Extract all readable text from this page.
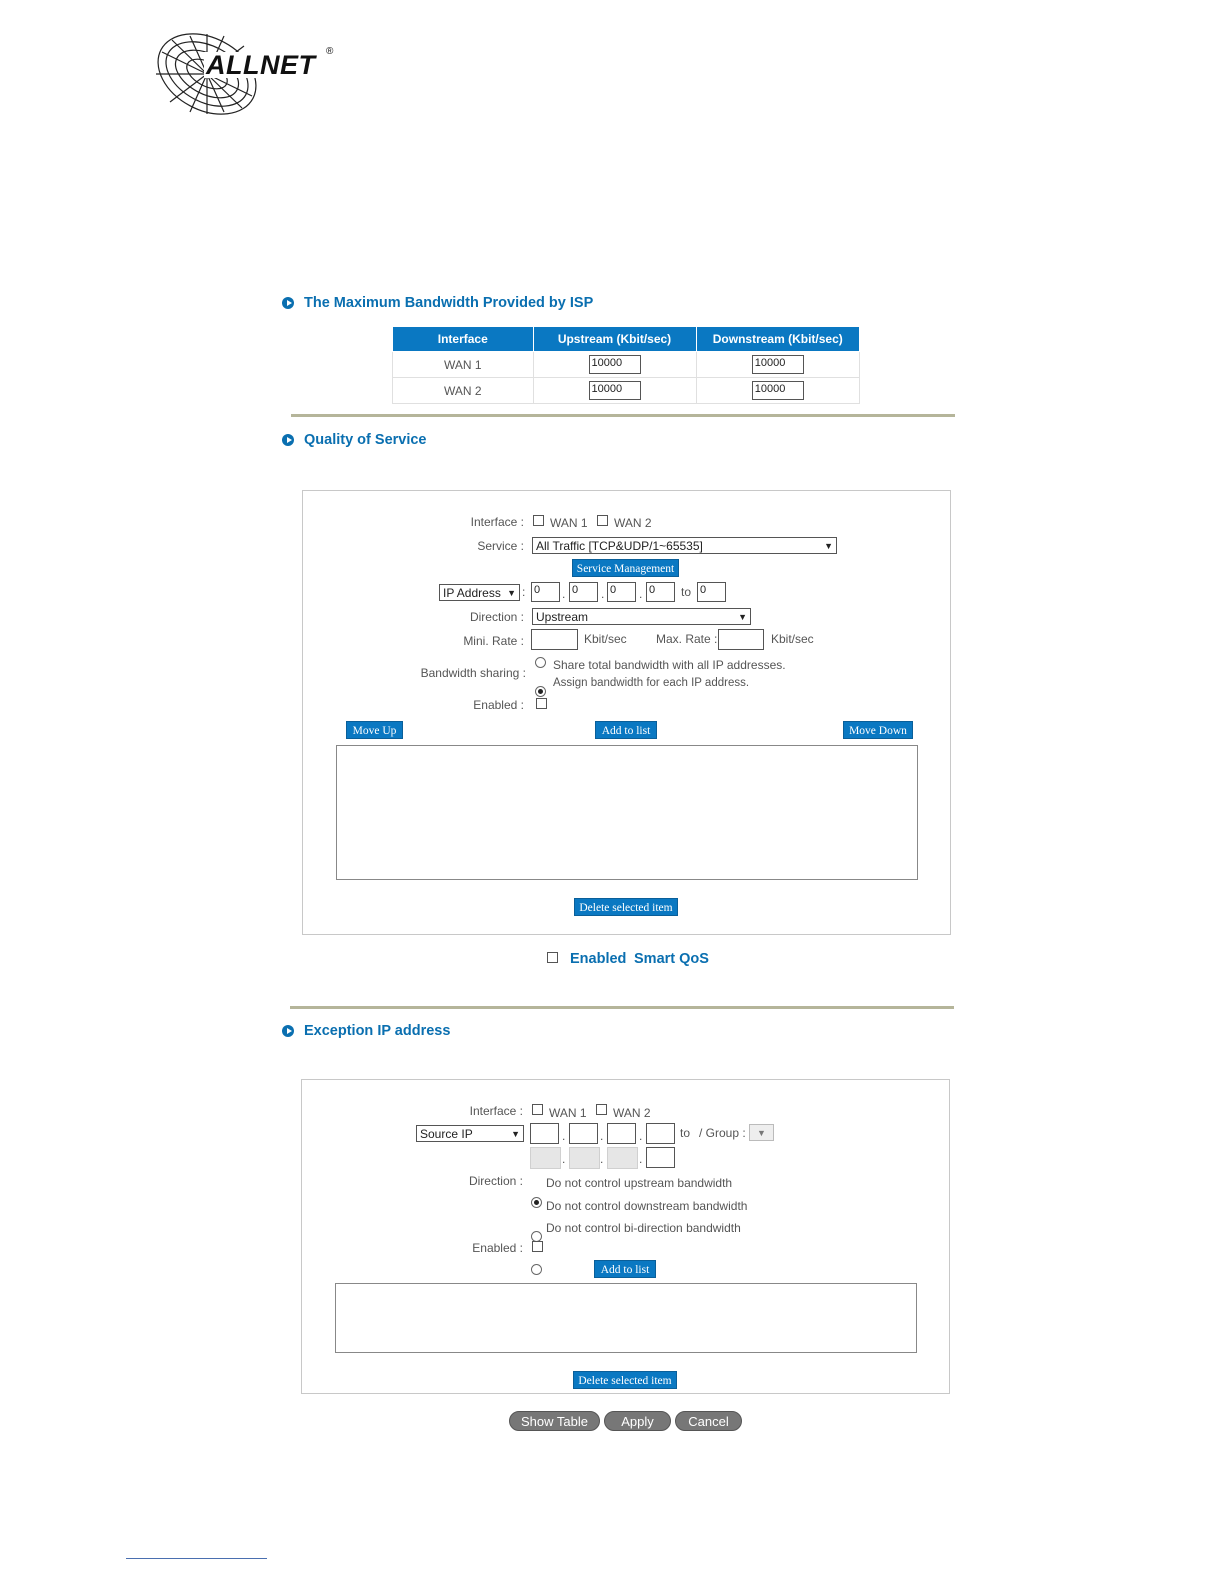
ALLNET ®
The Maximum Bandwidth Provided by ISP
Interface	Upstream (Kbit/sec)	Downstream (Kbit/sec)
WAN 1	10000	10000

WAN 2	10000	10000
Quality of Service
Interface : WAN 1 WAN 2
Service : All Traffic [TCP&UDP/1~65535]	▼
Service Management
IP Address ▼ : 0	. 0	. 0	. 0	to 0
Direction : Upstream	▼
Mini. Rate :	Kbit/sec Max. Rate :	Kbit/sec
Bandwidth sharing :
Share total bandwidth with all IP addresses.
Assign bandwidth for each IP address.
Enabled :
Move Up	Add to list	Move Down
Delete selected item
Enabled Smart QoS
Exception IP address
Interface : WAN 1 WAN 2
Source IP	▼	.	.	.	to / Group :	▼
.	.	.
Direction : Do not control upstream bandwidth
Do not control downstream bandwidth
Do not control bi-direction bandwidth
Enabled :
Add to list
Delete selected item
Show Table	Apply	Cancel
